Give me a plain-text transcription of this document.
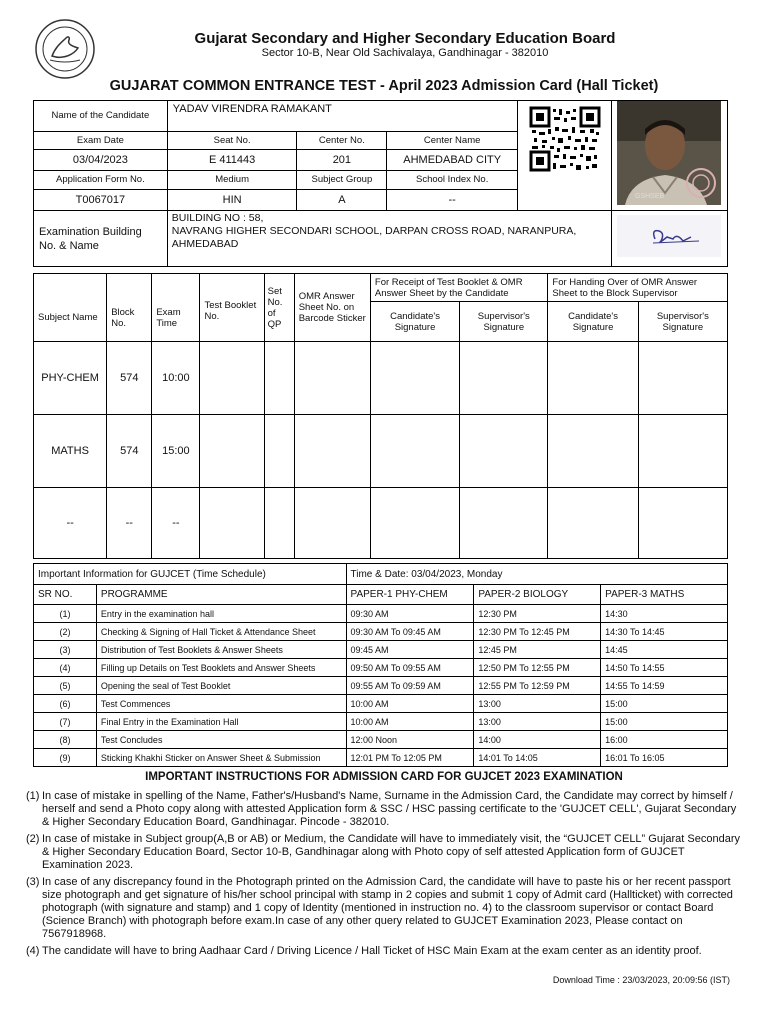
Gujarat Secondary and Higher Secondary Education Board
Sector 10-B, Near Old Sachivalaya, Gandhinagar - 382010
GUJARAT COMMON ENTRANCE TEST - April 2023 Admission Card (Hall Ticket)
Name of the Candidate	YADAV VIRENDRA RAMAKANT				GSHSEB

Exam Date	Seat No.	Center No.	Center Name		
03/04/2023	E 411443	201	AHMEDABAD CITY		
Application Form No.	Medium	Subject Group	School Index No.		
T0067017	HIN	A	--		
Examination Building No. & Name	BUILDING NO : 58,
NAVRANG HIGHER SECONDARI SCHOOL, DARPAN CROSS ROAD, NARANPURA,
AHMEDABAD

Subject Name	Block No.	Exam Time	Test Booklet No.	Set No. of QP	OMR Answer Sheet No. on Barcode Sticker	For Receipt of Test Booklet & OMR Answer Sheet by the Candidate		For Handing Over of OMR Answer Sheet to the Block Supervisor	
						Candidate's Signature	Supervisor's Signature	Candidate's Signature	Supervisor's Signature
PHY-CHEM	574	10:00							
MATHS	574	15:00							
--	--	--							
Important Information for GUJCET (Time Schedule)		Time & Date: 03/04/2023, Monday		
SR NO.	PROGRAMME	PAPER-1 PHY-CHEM	PAPER-2 BIOLOGY	PAPER-3 MATHS
(1)	Entry in the examination hall	09:30 AM	12:30 PM	14:30
(2)	Checking & Signing of Hall Ticket & Attendance Sheet	09:30 AM To 09:45 AM	12:30 PM To 12:45 PM	14:30 To 14:45
(3)	Distribution of Test Booklets & Answer Sheets	09:45 AM	12:45 PM	14:45
(4)	Filling up Details on Test Booklets and Answer Sheets	09:50 AM To 09:55 AM	12:50 PM To 12:55 PM	14:50 To 14:55
(5)	Opening the seal of Test Booklet	09:55 AM To 09:59 AM	12:55 PM To 12:59 PM	14:55 To 14:59
(6)	Test Commences	10:00 AM	13:00	15:00
(7)	Final Entry in the Examination Hall	10:00 AM	13:00	15:00
(8)	Test Concludes	12:00 Noon	14:00	16:00
(9)	Sticking Khakhi Sticker on Answer Sheet & Submission	12:01 PM To 12:05 PM	14:01 To 14:05	16:01 To 16:05
IMPORTANT INSTRUCTIONS FOR ADMISSION CARD FOR GUJCET 2023 EXAMINATION
(1) In case of mistake in spelling of the Name, Father's/Husband's Name, Surname in the Admission Card, the Candidate may correct by himself / herself and send a Photo copy along with attested Application form & SSC / HSC passing certificate to the 'GUJCET CELL', Gujarat Secondary & Higher Secondary Education Board, Gandhinagar. Pincode - 382010.
(2) In case of mistake in Subject group(A,B or AB) or Medium, the Candidate will have to immediately visit, the “GUJCET CELL” Gujarat Secondary & Higher Secondary Education Board, Sector 10-B, Gandhinagar along with Photo copy of self attested Application form of GUJCET Examination 2023.
(3) In case of any discrepancy found in the Photograph printed on the Admission Card, the candidate will have to paste his or her recent passport size photograph and get signature of his/her school principal with stamp in 2 copies and submit 1 copy of Admit card (Hallticket) with corrected photograph (with signature and stamp) and 1 copy of Identity (mentioned in instruction no. 4) to the classroom supervisor or contact Board (Science Branch) with photograph before exam.In case of any other query related to GUJCET Examination 2023, Please contact on 7567918968.
(4) The candidate will have to bring Aadhaar Card / Driving Licence / Hall Ticket of HSC Main Exam at the exam center as an identity proof.
Download Time : 23/03/2023, 20:09:56 (IST)
